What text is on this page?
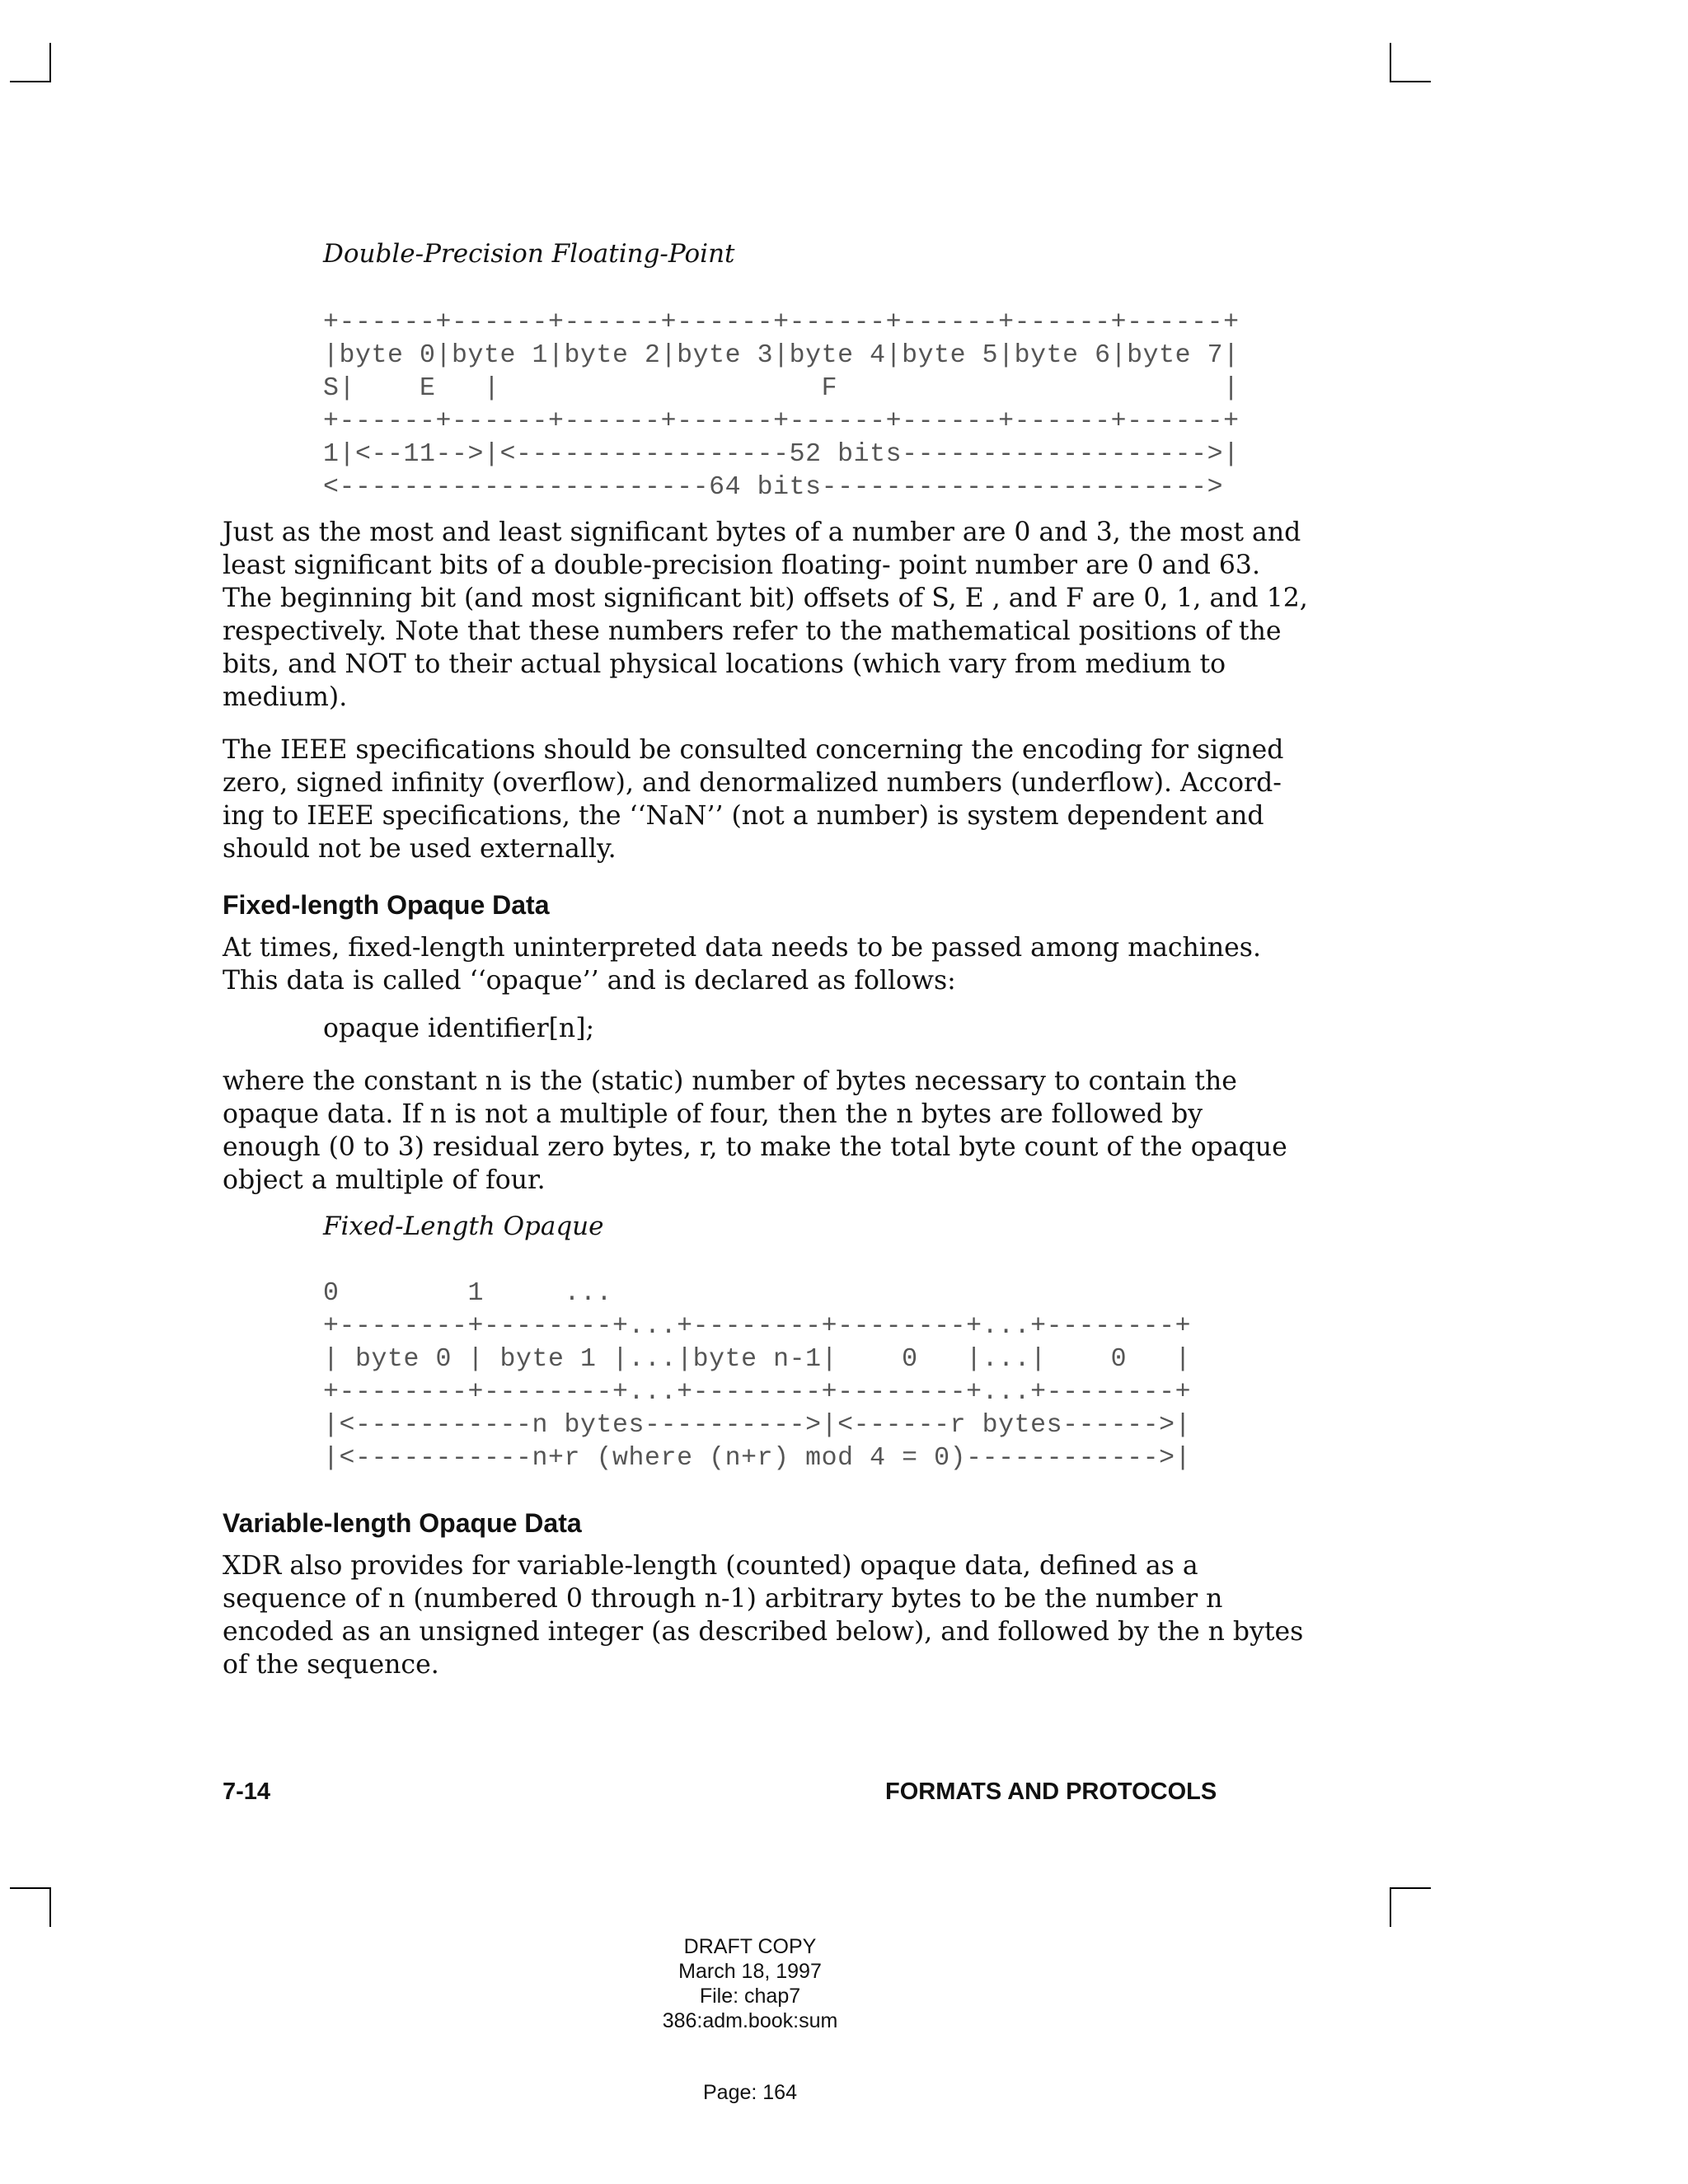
Double-Precision Floating-Point

+------+------+------+------+------+------+------+------+
|byte 0|byte 1|byte 2|byte 3|byte 4|byte 5|byte 6|byte 7|
S|    E   |                    F                        |
+------+------+------+------+------+------+------+------+
1|<--11-->|<-----------------52 bits------------------->|
<-----------------------64 bits------------------------>
Just as the most and least significant bytes of a number are 0 and 3, the most and
least significant bits of a double-precision floating- point number are 0 and 63.
The beginning bit (and most significant bit) offsets of S, E , and F are 0, 1, and 12,
respectively. Note that these numbers refer to the mathematical positions of the
bits, and NOT to their actual physical locations (which vary from medium to
medium).
The IEEE specifications should be consulted concerning the encoding for signed
zero, signed infinity (overflow), and denormalized numbers (underflow). Accord-
ing to IEEE specifications, the ‘‘NaN’’ (not a number) is system dependent and
should not be used externally.

Fixed-length Opaque Data

At times, fixed-length uninterpreted data needs to be passed among machines.
This data is called ‘‘opaque’’ and is declared as follows:

opaque identifier[n];

where the constant n is the (static) number of bytes necessary to contain the
opaque data. If n is not a multiple of four, then the n bytes are followed by
enough (0 to 3) residual zero bytes, r, to make the total byte count of the opaque
object a multiple of four.

Fixed-Length Opaque

0        1     ...
+--------+--------+...+--------+--------+...+--------+
| byte 0 | byte 1 |...|byte n-1|    0   |...|    0   |
+--------+--------+...+--------+--------+...+--------+
|<-----------n bytes---------->|<------r bytes------>|
|<-----------n+r (where (n+r) mod 4 = 0)------------>|

Variable-length Opaque Data

XDR also provides for variable-length (counted) opaque data, defined as a
sequence of n (numbered 0 through n-1) arbitrary bytes to be the number n
encoded as an unsigned integer (as described below), and followed by the n bytes
of the sequence.

7-14	FORMATS AND PROTOCOLS

DRAFT COPY
March 18, 1997
File: chap7
386:adm.book:sum
Page: 164
